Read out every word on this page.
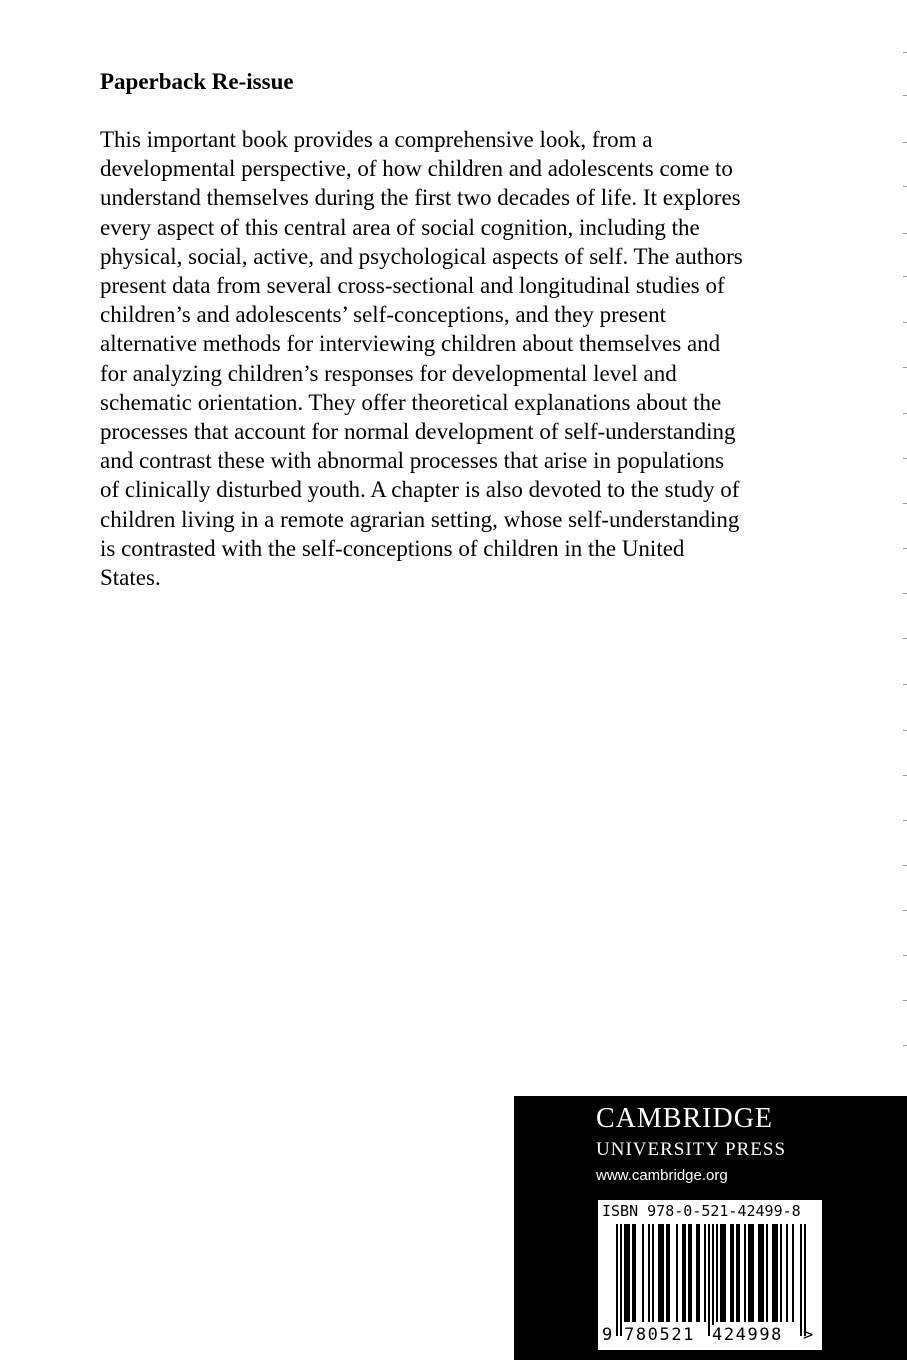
Paperback Re-issue

This important book provides a comprehensive look, from a
developmental perspective, of how children and adolescents come to
understand themselves during the first two decades of life. It explores
every aspect of this central area of social cognition, including the
physical, social, active, and psychological aspects of self. The authors
present data from several cross-sectional and longitudinal studies of
children’s and adolescents’ self-conceptions, and they present
alternative methods for interviewing children about themselves and
for analyzing children’s responses for developmental level and
schematic orientation. They offer theoretical explanations about the
processes that account for normal development of self-understanding
and contrast these with abnormal processes that arise in populations
of clinically disturbed youth. A chapter is also devoted to the study of
children living in a remote agrarian setting, whose self-understanding
is contrasted with the self-conceptions of children in the United
States.

CAMBRIDGE
UNIVERSITY PRESS
www.cambridge.org
ISBN 978-0-521-42499-8
9 780521 424998 >
